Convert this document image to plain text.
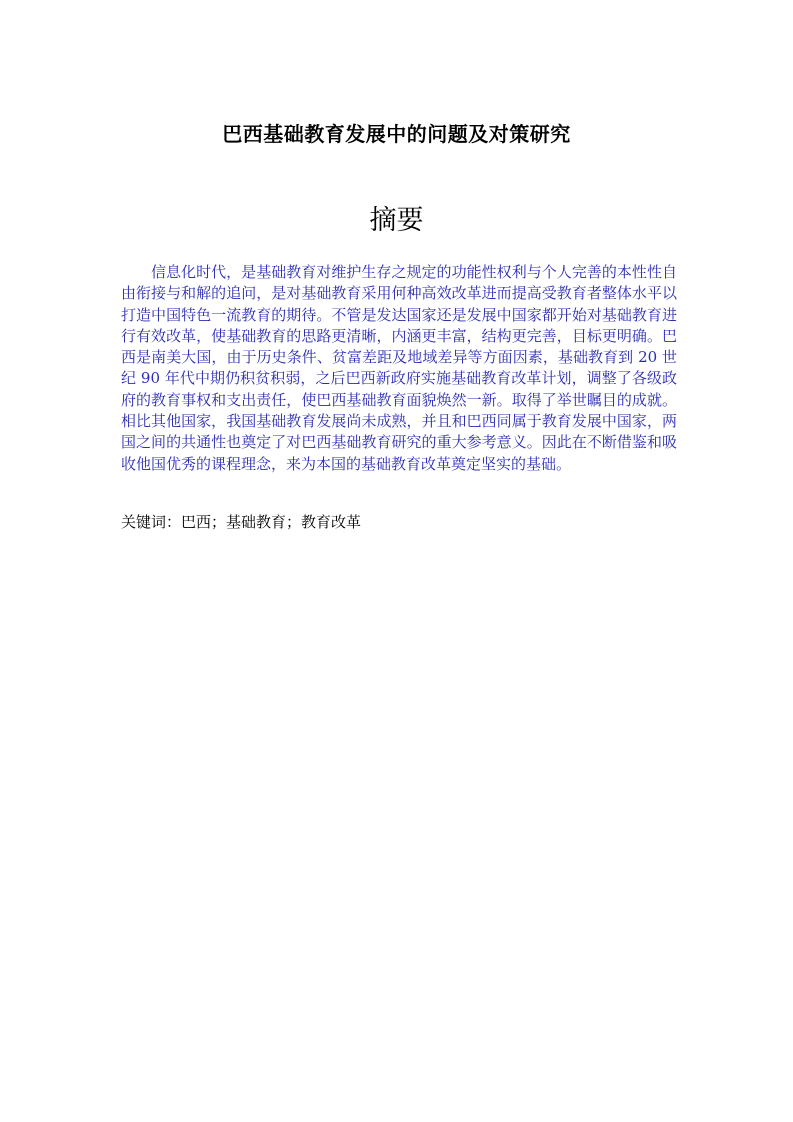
巴西基础教育发展中的问题及对策研究
摘要

信息化时代，是基础教育对维护生存之规定的功能性权利与个人完善的本性性自由衔接与和解的追问，是对基础教育采用何种高效改革进而提高受教育者整体水平以打造中国特色一流教育的期待。不管是发达国家还是发展中国家都开始对基础教育进行有效改革，使基础教育的思路更清晰，内涵更丰富，结构更完善，目标更明确。巴西是南美大国，由于历史条件、贫富差距及地域差异等方面因素，基础教育到 20 世纪 90 年代中期仍积贫积弱，之后巴西新政府实施基础教育改革计划，调整了各级政府的教育事权和支出责任，使巴西基础教育面貌焕然一新。取得了举世瞩目的成就。相比其他国家，我国基础教育发展尚未成熟，并且和巴西同属于教育发展中国家，两国之间的共通性也奠定了对巴西基础教育研究的重大参考意义。因此在不断借鉴和吸收他国优秀的课程理念，来为本国的基础教育改革奠定坚实的基础。

关键词：巴西；基础教育；教育改革
